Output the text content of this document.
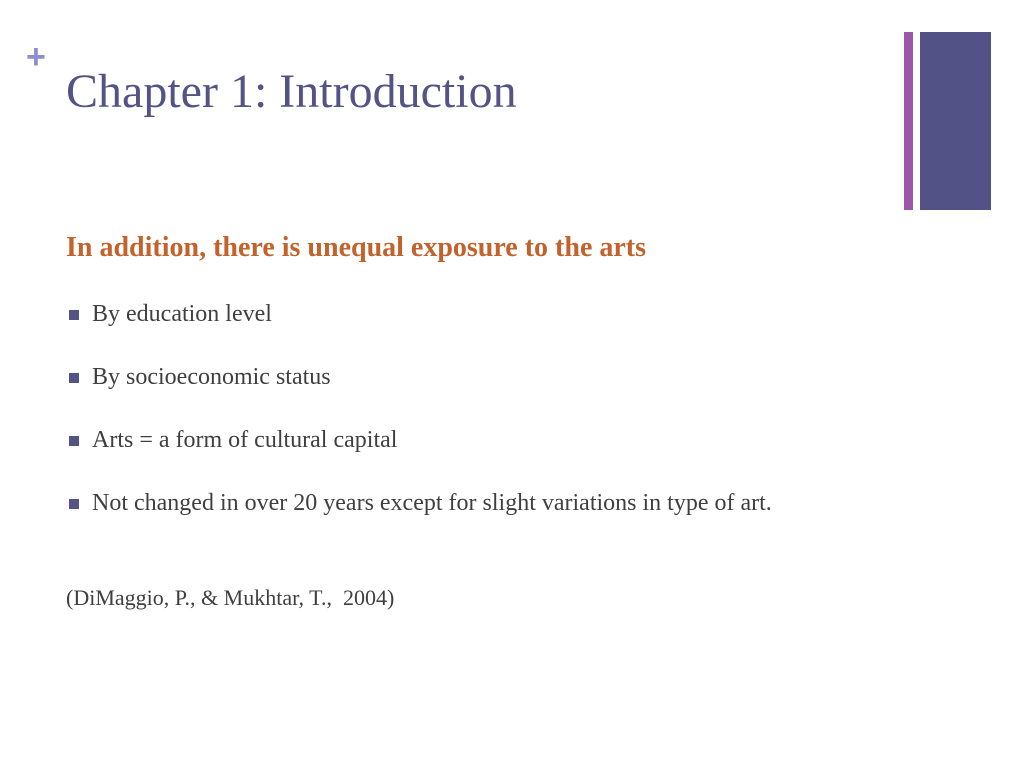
+
Chapter 1: Introduction
In addition, there is unequal exposure to the arts
By education level
By socioeconomic status
Arts = a form of cultural capital
Not changed in over 20 years except for slight variations in type of art.
(DiMaggio, P., & Mukhtar, T.,  2004)
